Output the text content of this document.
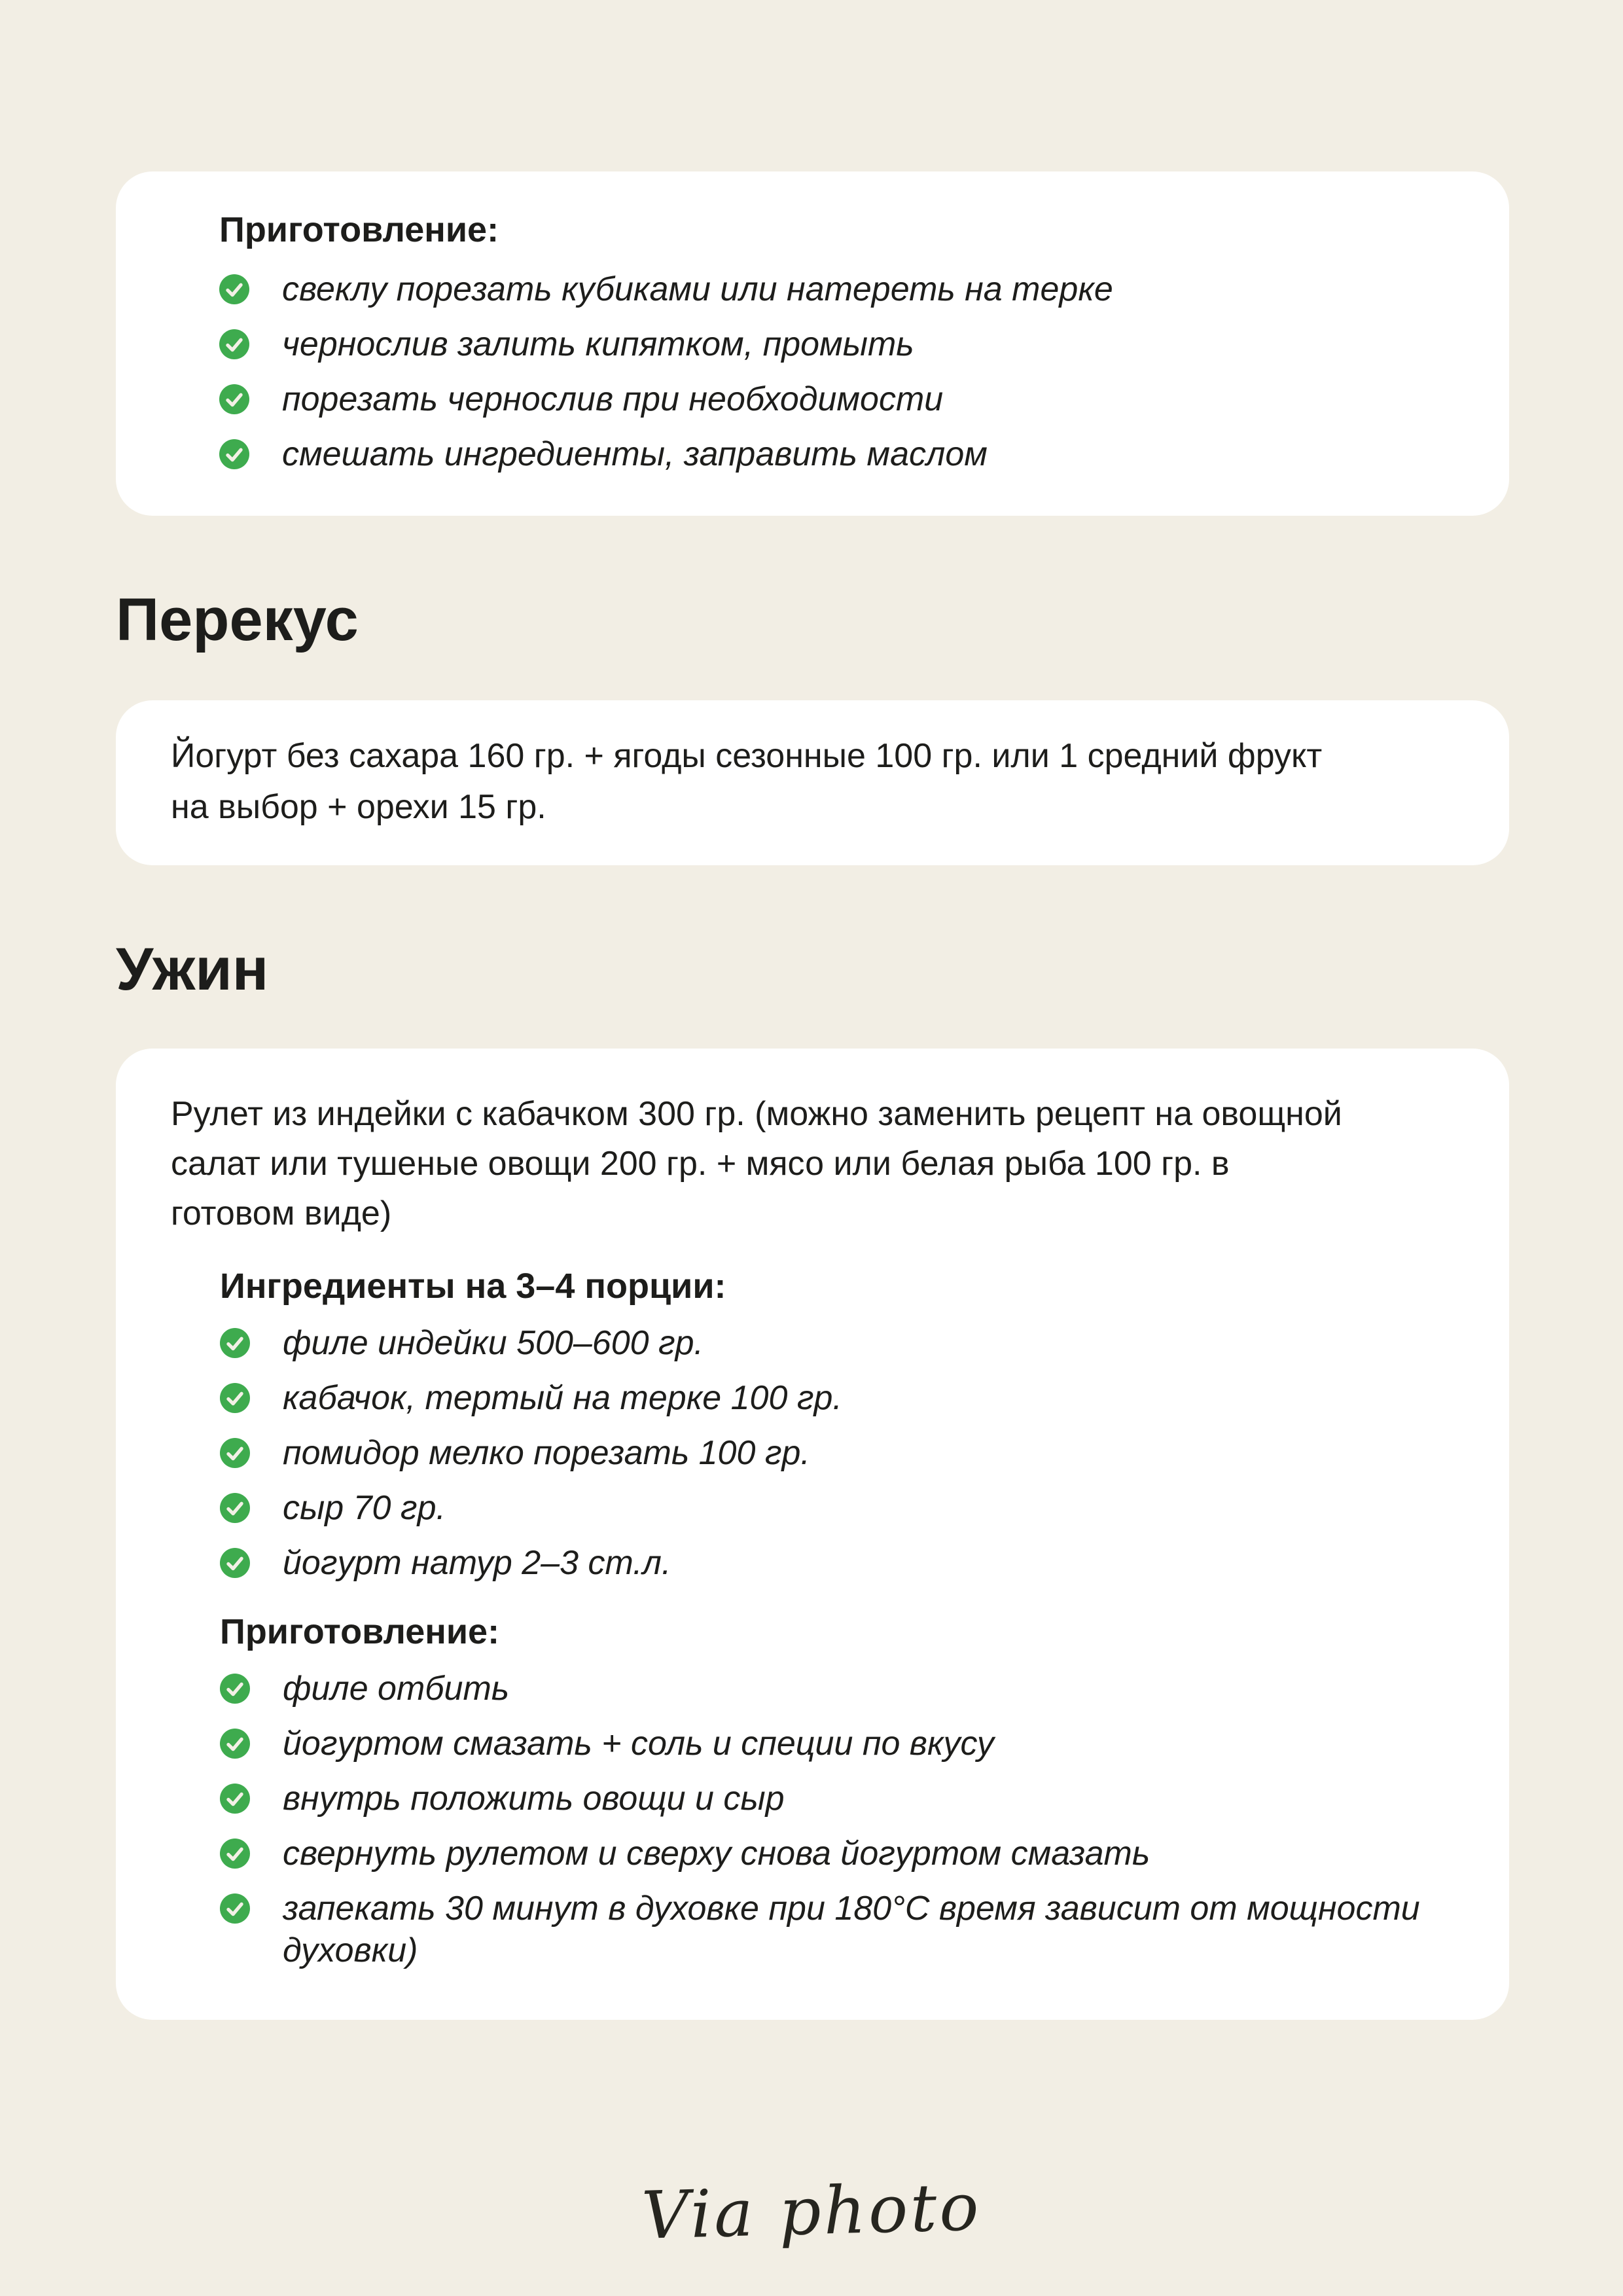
Приготовление:
свеклу порезать кубиками или натереть на терке
чернослив залить кипятком, промыть
порезать чернослив при необходимости
смешать ингредиенты, заправить маслом
Перекус
Йогурт без сахара 160 гр. + ягоды сезонные 100 гр. или 1 средний фрукт на выбор + орехи 15 гр.
Ужин
Рулет из индейки с кабачком 300 гр. (можно заменить рецепт на овощной салат или тушеные овощи 200 гр. + мясо или белая рыба 100 гр. в готовом виде)
Ингредиенты на 3–4 порции:
филе индейки 500–600 гр.
кабачок, тертый на терке 100 гр.
помидор мелко порезать 100 гр.
сыр 70 гр.
йогурт натур 2–3 ст.л.
Приготовление:
филе отбить
йогуртом смазать + соль и специи по вкусу
внутрь положить овощи и сыр
свернуть рулетом и сверху снова йогуртом смазать
запекать 30 минут в духовке при 180°С время зависит от мощности духовки)
Via photo
